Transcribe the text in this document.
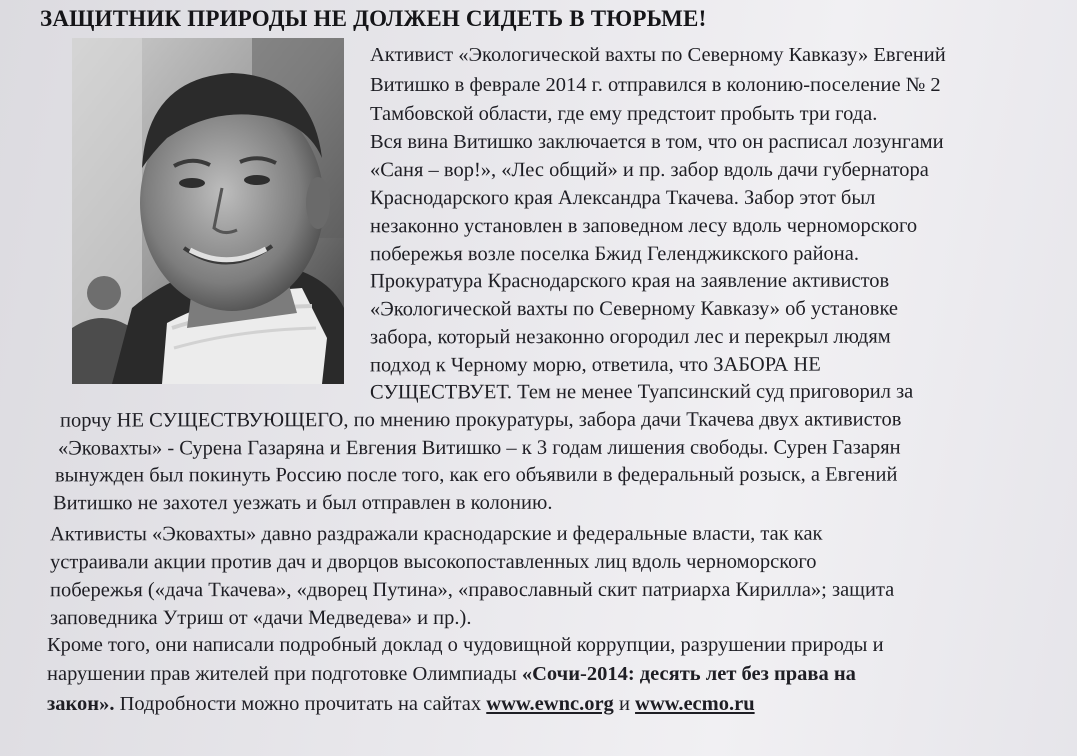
ЗАЩИТНИК ПРИРОДЫ НЕ ДОЛЖЕН СИДЕТЬ В ТЮРЬМЕ!
Активист «Экологической вахты по Северному Кавказу» Евгений
Витишко в феврале 2014 г. отправился в колонию-поселение № 2
Тамбовской области, где ему предстоит пробыть три года.
Вся вина Витишко заключается в том, что он расписал лозунгами
«Саня – вор!», «Лес общий» и пр. забор вдоль дачи губернатора
Краснодарского края Александра Ткачева. Забор этот был
незаконно установлен в заповедном лесу вдоль черноморского
побережья возле поселка Бжид Геленджикского района.
Прокуратура Краснодарского края на заявление активистов
«Экологической вахты по Северному Кавказу» об установке
забора, который незаконно огородил лес и перекрыл людям
подход к Черному морю, ответила, что ЗАБОРА НЕ
СУЩЕСТВУЕТ. Тем не менее Туапсинский суд приговорил за
порчу НЕ СУЩЕСТВУЮЩЕГО, по мнению прокуратуры, забора дачи Ткачева двух активистов
«Эковахты» - Сурена Газаряна и Евгения Витишко – к 3 годам лишения свободы. Сурен Газарян
вынужден был покинуть Россию после того, как его объявили в федеральный розыск, а Евгений
Витишко не захотел уезжать и был отправлен в колонию.
Активисты «Эковахты» давно раздражали краснодарские и федеральные власти, так как
устраивали акции против дач и дворцов высокопоставленных лиц вдоль черноморского
побережья («дача Ткачева», «дворец Путина», «православный скит патриарха Кирилла»; защита
заповедника Утриш от «дачи Медведева» и пр.).
Кроме того, они написали подробный доклад о чудовищной коррупции, разрушении природы и
нарушении прав жителей при подготовке Олимпиады «Сочи-2014: десять лет без права на
закон». Подробности можно прочитать на сайтах www.ewnc.org и www.ecmo.ru
